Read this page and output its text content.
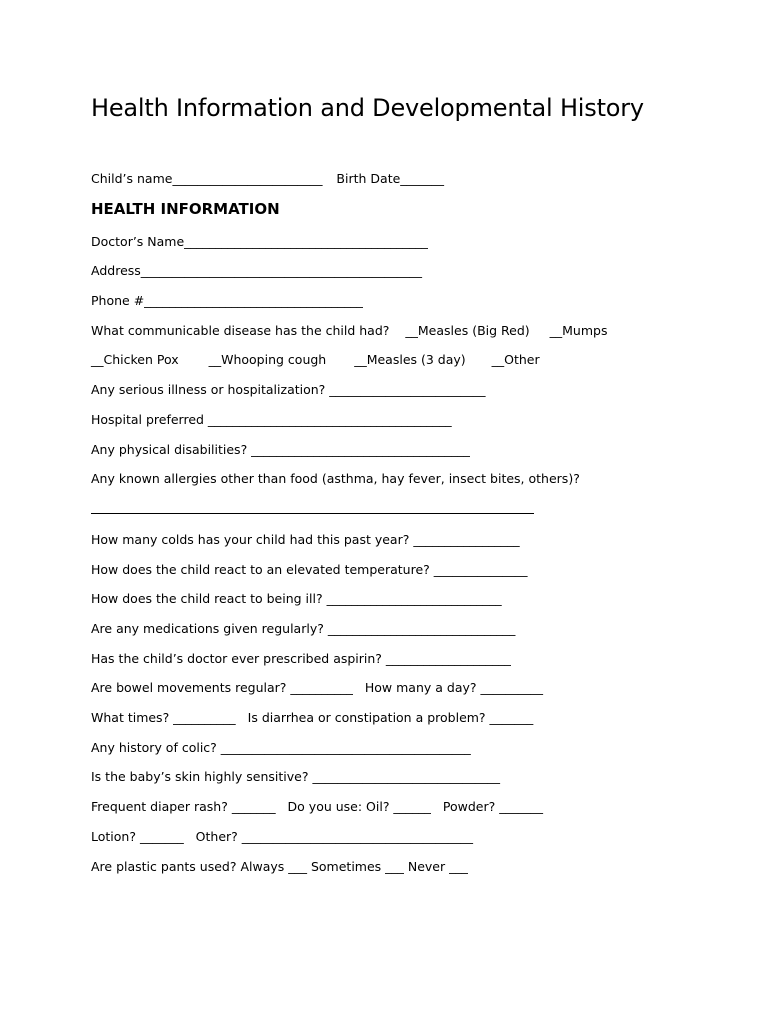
Health Information and Developmental History
Child’s name________________________ Birth Date_______
HEALTH INFORMATION
Doctor’s Name_______________________________________
Address_____________________________________________
Phone #___________________________________
What communicable disease has the child had? __Measles (Big Red) __Mumps
__Chicken Pox __Whooping cough __Measles (3 day) __Other
Any serious illness or hospitalization? _________________________
Hospital preferred _______________________________________
Any physical disabilities? ___________________________________
Any known allergies other than food (asthma, hay fever, insect bites, others)?
How many colds has your child had this past year? _________________
How does the child react to an elevated temperature? _______________
How does the child react to being ill? ____________________________
Are any medications given regularly? ______________________________
Has the child’s doctor ever prescribed aspirin? ____________________
Are bowel movements regular? __________ How many a day? __________
What times? __________ Is diarrhea or constipation a problem? _______
Any history of colic? ________________________________________
Is the baby’s skin highly sensitive? ______________________________
Frequent diaper rash? _______ Do you use: Oil? ______ Powder? _______
Lotion? _______ Other? _____________________________________
Are plastic pants used? Always ___ Sometimes ___ Never ___
